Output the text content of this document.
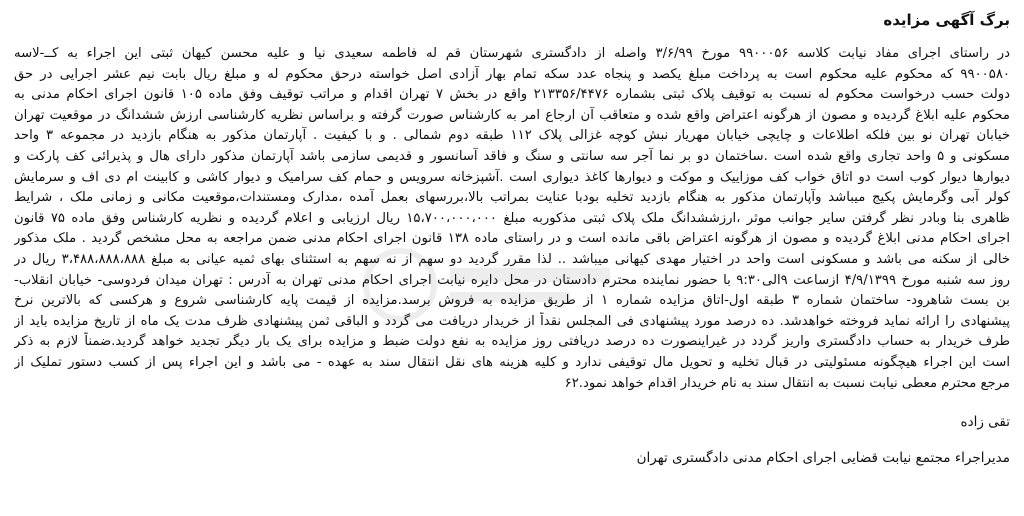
برگ آگهی مزایده
در راستای اجرای مفاد نیابت کلاسه ۹۹۰۰۰۵۶ مورخ ۳/۶/۹۹ واصله از دادگستری شهرستان قم له فاطمه سعیدی نیا و علیه محسن کیهان ثبتی این اجراء به کــ-لاسه
۹۹۰۰۵۸۰ که محکوم علیه محکوم است به پرداخت مبلغ یکصد و پنجاه عدد سکه تمام بهار آزادی اصل خواسته درحق محکوم له و مبلغ ریال بابت نیم عشر اجرایی در حق
دولت حسب درخواست محکوم له نسبت به توقیف پلاک ثبتی بشماره ۲۱۳۳۵۶/۴۴۷۶ واقع در بخش ۷ تهران اقدام و مراتب توقیف وفق ماده ۱۰۵ قانون اجرای احکام مدنی به
محکوم علیه ابلاغ گردیده و مصون از هرگونه اعتراض واقع شده و متعاقب آن ارجاع امر به کارشناس صورت گرفته و براساس نظریه کارشناسی ارزش ششدانگ در موقعیت تهران
خیابان تهران نو بین فلکه اطلاعات و چایچی خیابان مهریار نبش کوچه غزالی پلاک ۱۱۲ طبقه دوم شمالی . و با کیفیت . آپارتمان مذکور به هنگام بازدید در مجموعه ۳ واحد
مسکونی و ۵ واحد تجاری واقع شده است .ساختمان دو بر نما آجر سه سانتی و سنگ و فاقد آسانسور و قدیمی سازمی باشد آپارتمان مذکور دارای هال و پذیرائی کف پارکت و
دیوارها دیوار کوب است دو اتاق خواب کف موزاییک و موکت و دیوارها کاغذ دیواری است .آشپزخانه سرویس و حمام کف سرامیک و دیوار کاشی و کابینت ام دی اف و سرمایش
کولر آبی وگرمایش پکیج میباشد وآپارتمان مذکور به هنگام بازدید تخلیه بودبا عنایت بمراتب بالا،بررسهای بعمل آمده ،مدارک ومستندات،موقعیت مکانی و زمانی ملک ، شرایط
ظاهری بنا وبادر نظر گرفتن سایر جوانب موثر ،ارزششدانگ ملک پلاک ثبتی مذکوربه مبلغ ۱۵،۷۰۰،۰۰۰،۰۰۰ ریال ارزیابی و اعلام گردیده و نظریه کارشناس وفق ماده ۷۵ قانون
اجرای احکام مدنی ابلاغ گردیده و مصون از هرگونه اعتراض باقی مانده است و در راستای ماده ۱۳۸ قانون اجرای احکام مدنی ضمن مراجعه به محل مشخص گردید . ملک مذکور
خالی از سکنه می باشد و مسکونی است واحد در اختیار مهدی کیهانی میباشد .. لذا مقرر گردید دو سهم از نه سهم به استثنای بهای ثمیه عیانی به مبلغ ۳،۴۸۸،۸۸۸،۸۸۸ ریال در
روز سه شنبه مورخ ۴/۹/۱۳۹۹ ازساعت ۹الی۹:۳۰ با حضور نماینده محترم دادستان در محل دایره نیابت اجرای احکام مدنی تهران به آدرس : تهران میدان فردوسی- خیابان انقلاب-
بن بست شاهرود- ساختمان شماره ۳ طبقه اول-اتاق مزایده شماره ۱ از طریق مزایده به فروش برسد.مزایده از قیمت پایه کارشناسی شروع و هرکسی که بالاترین نرخ
پیشنهادی را ارائه نماید فروخته خواهدشد. ده درصد مورد پیشنهادی فی المجلس نقداً از خریدار دریافت می گردد و الباقی ثمن پیشنهادی ظرف مدت یک ماه از تاریخ مزایده باید از
طرف خریدار به حساب دادگستری واریز گردد در غیراینصورت ده درصد دریافتی روز مزایده به نفع دولت ضبط و مزایده برای یک بار دیگر تجدید خواهد گردید.ضمناً لازم به ذکر
است این اجراء هیچگونه مسئولیتی در قبال تخلیه و تحویل مال توقیفی ندارد و کلیه هزینه های نقل انتقال سند به عهده - می باشد و این اجراء پس از کسب دستور تملیک از
مرجع محترم معطی نیابت نسبت به انتقال سند به نام خریدار اقدام خواهد نمود.۶۲
تقی زاده
مدیراجراء مجتمع نیابت قضایی اجرای احکام مدنی دادگستری تهران
